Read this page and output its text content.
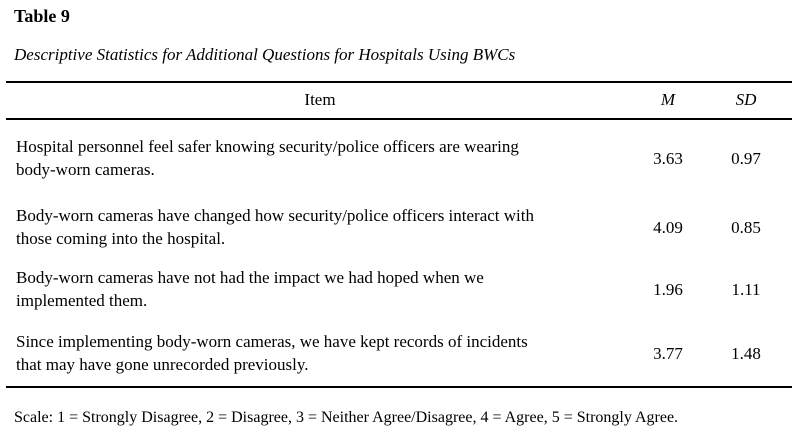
Table 9
Descriptive Statistics for Additional Questions for Hospitals Using BWCs
Item	M	SD
Hospital personnel feel safer knowing security/police officers are wearing
body-worn cameras.
3.63	0.97
Body-worn cameras have changed how security/police officers interact with
those coming into the hospital.
4.09	0.85
Body-worn cameras have not had the impact we had hoped when we
implemented them.
1.96	1.11
Since implementing body-worn cameras, we have kept records of incidents
that may have gone unrecorded previously.
3.77	1.48
Scale: 1 = Strongly Disagree, 2 = Disagree, 3 = Neither Agree/Disagree, 4 = Agree, 5 = Strongly Agree.
